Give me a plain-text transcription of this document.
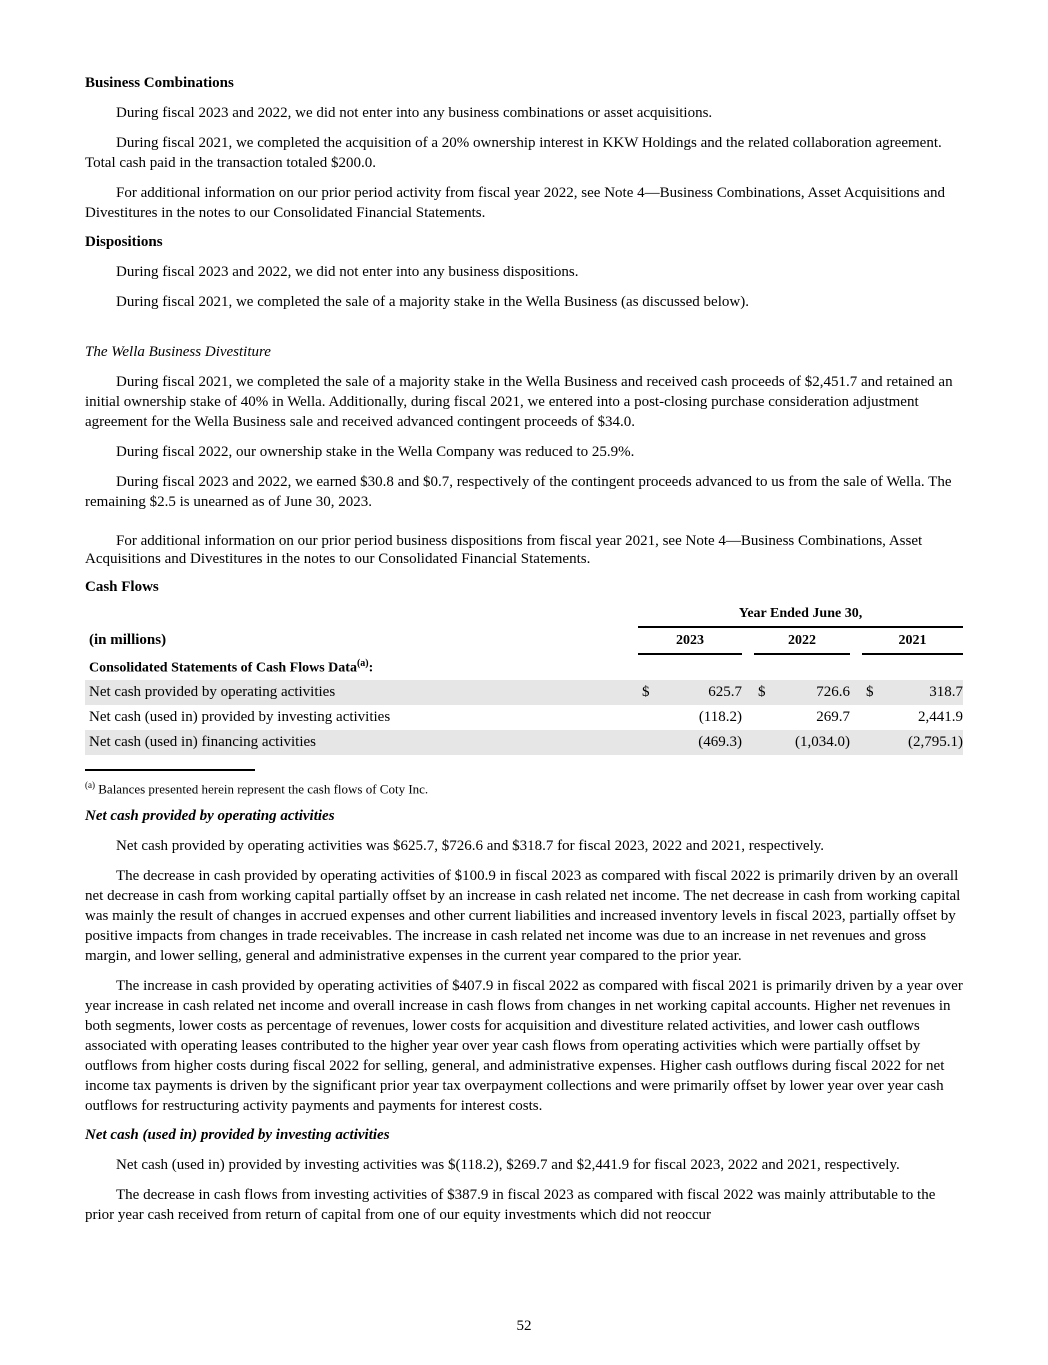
Business Combinations
During fiscal 2023 and 2022, we did not enter into any business combinations or asset acquisitions.
During fiscal 2021, we completed the acquisition of a 20% ownership interest in KKW Holdings and the related collaboration agreement. Total cash paid in the transaction totaled $200.0.
For additional information on our prior period activity from fiscal year 2022, see Note 4—Business Combinations, Asset Acquisitions and Divestitures in the notes to our Consolidated Financial Statements.
Dispositions
During fiscal 2023 and 2022, we did not enter into any business dispositions.
During fiscal 2021, we completed the sale of a majority stake in the Wella Business (as discussed below).
The Wella Business Divestiture
During fiscal 2021, we completed the sale of a majority stake in the Wella Business and received cash proceeds of $2,451.7 and retained an initial ownership stake of 40% in Wella. Additionally, during fiscal 2021, we entered into a post-closing purchase consideration adjustment agreement for the Wella Business sale and received advanced contingent proceeds of $34.0.
During fiscal 2022, our ownership stake in the Wella Company was reduced to 25.9%.
During fiscal 2023 and 2022, we earned $30.8 and $0.7, respectively of the contingent proceeds advanced to us from the sale of Wella. The remaining $2.5 is unearned as of June 30, 2023.
For additional information on our prior period business dispositions from fiscal year 2021, see Note 4—Business Combinations, Asset Acquisitions and Divestitures in the notes to our Consolidated Financial Statements.
Cash Flows
	Year Ended June 30,							
(in millions)	2023			2022			2021	
Consolidated Statements of Cash Flows Data$^{(a)}$:								
Net cash provided by operating activities	$	625.7		$	726.6		$	318.7
Net cash (used in) provided by investing activities		(118.2)			269.7			2,441.9
Net cash (used in) financing activities		(469.3)			(1,034.0)			(2,795.1)
$^{(a)}$ Balances presented herein represent the cash flows of Coty Inc.
Net cash provided by operating activities
Net cash provided by operating activities was $625.7, $726.6 and $318.7 for fiscal 2023, 2022 and 2021, respectively.
The decrease in cash provided by operating activities of $100.9 in fiscal 2023 as compared with fiscal 2022 is primarily driven by an overall net decrease in cash from working capital partially offset by an increase in cash related net income. The net decrease in cash from working capital was mainly the result of changes in accrued expenses and other current liabilities and increased inventory levels in fiscal 2023, partially offset by positive impacts from changes in trade receivables. The increase in cash related net income was due to an increase in net revenues and gross margin, and lower selling, general and administrative expenses in the current year compared to the prior year.
The increase in cash provided by operating activities of $407.9 in fiscal 2022 as compared with fiscal 2021 is primarily driven by a year over year increase in cash related net income and overall increase in cash flows from changes in net working capital accounts. Higher net revenues in both segments, lower costs as percentage of revenues, lower costs for acquisition and divestiture related activities, and lower cash outflows associated with operating leases contributed to the higher year over year cash flows from operating activities which were partially offset by outflows from higher costs during fiscal 2022 for selling, general, and administrative expenses. Higher cash outflows during fiscal 2022 for net income tax payments is driven by the significant prior year tax overpayment collections and were primarily offset by lower year over year cash outflows for restructuring activity payments and payments for interest costs.
Net cash (used in) provided by investing activities
Net cash (used in) provided by investing activities was $(118.2), $269.7 and $2,441.9 for fiscal 2023, 2022 and 2021, respectively.
The decrease in cash flows from investing activities of $387.9 in fiscal 2023 as compared with fiscal 2022 was mainly attributable to the prior year cash received from return of capital from one of our equity investments which did not reoccur
52
